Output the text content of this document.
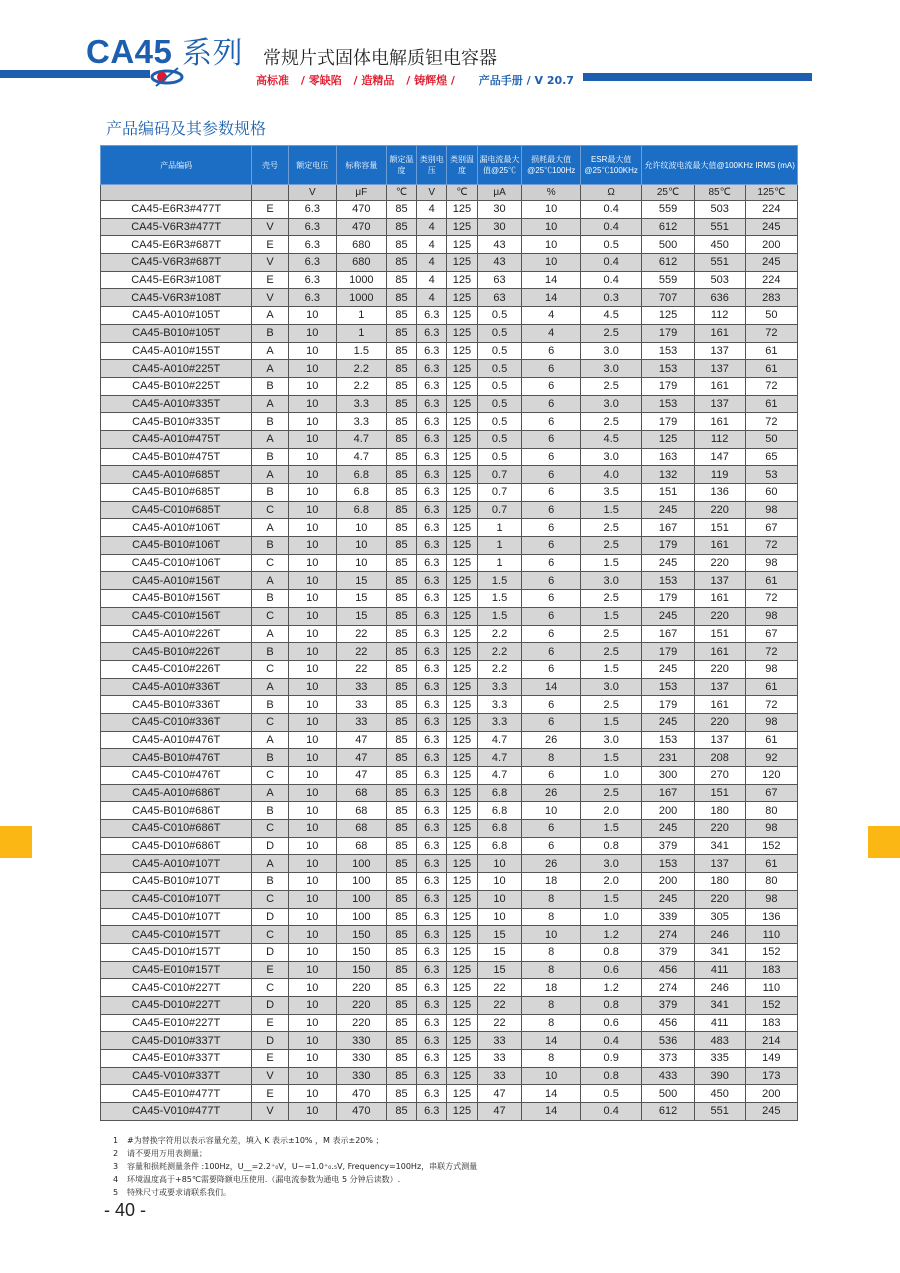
CA45 系列 常规片式固体电解质钽电容器
高标准 / 零缺陷 / 造精品 / 铸辉煌 / 产品手册 / V 20.7
产品编码及其参数规格
产品编码	壳号	额定电压	标称容量	额定温度	类别电压	类别温度	漏电流最大值@25℃	损耗最大值@25℃100Hz	ESR最大值@25℃100KHz	允许纹波电流最大值@100KHz IRMS (mA)		
		V	μF	℃	V	℃	μA	%	Ω	25℃	85℃	125℃
CA45-E6R3#477T	E	6.3	470	85	4	125	30	10	0.4	559	503	224
CA45-V6R3#477T	V	6.3	470	85	4	125	30	10	0.4	612	551	245
CA45-E6R3#687T	E	6.3	680	85	4	125	43	10	0.5	500	450	200
CA45-V6R3#687T	V	6.3	680	85	4	125	43	10	0.4	612	551	245
CA45-E6R3#108T	E	6.3	1000	85	4	125	63	14	0.4	559	503	224
CA45-V6R3#108T	V	6.3	1000	85	4	125	63	14	0.3	707	636	283
CA45-A010#105T	A	10	1	85	6.3	125	0.5	4	4.5	125	112	50
CA45-B010#105T	B	10	1	85	6.3	125	0.5	4	2.5	179	161	72
CA45-A010#155T	A	10	1.5	85	6.3	125	0.5	6	3.0	153	137	61
CA45-A010#225T	A	10	2.2	85	6.3	125	0.5	6	3.0	153	137	61
CA45-B010#225T	B	10	2.2	85	6.3	125	0.5	6	2.5	179	161	72
CA45-A010#335T	A	10	3.3	85	6.3	125	0.5	6	3.0	153	137	61
CA45-B010#335T	B	10	3.3	85	6.3	125	0.5	6	2.5	179	161	72
CA45-A010#475T	A	10	4.7	85	6.3	125	0.5	6	4.5	125	112	50
CA45-B010#475T	B	10	4.7	85	6.3	125	0.5	6	3.0	163	147	65
CA45-A010#685T	A	10	6.8	85	6.3	125	0.7	6	4.0	132	119	53
CA45-B010#685T	B	10	6.8	85	6.3	125	0.7	6	3.5	151	136	60
CA45-C010#685T	C	10	6.8	85	6.3	125	0.7	6	1.5	245	220	98
CA45-A010#106T	A	10	10	85	6.3	125	1	6	2.5	167	151	67
CA45-B010#106T	B	10	10	85	6.3	125	1	6	2.5	179	161	72
CA45-C010#106T	C	10	10	85	6.3	125	1	6	1.5	245	220	98
CA45-A010#156T	A	10	15	85	6.3	125	1.5	6	3.0	153	137	61
CA45-B010#156T	B	10	15	85	6.3	125	1.5	6	2.5	179	161	72
CA45-C010#156T	C	10	15	85	6.3	125	1.5	6	1.5	245	220	98
CA45-A010#226T	A	10	22	85	6.3	125	2.2	6	2.5	167	151	67
CA45-B010#226T	B	10	22	85	6.3	125	2.2	6	2.5	179	161	72
CA45-C010#226T	C	10	22	85	6.3	125	2.2	6	1.5	245	220	98
CA45-A010#336T	A	10	33	85	6.3	125	3.3	14	3.0	153	137	61
CA45-B010#336T	B	10	33	85	6.3	125	3.3	6	2.5	179	161	72
CA45-C010#336T	C	10	33	85	6.3	125	3.3	6	1.5	245	220	98
CA45-A010#476T	A	10	47	85	6.3	125	4.7	26	3.0	153	137	61
CA45-B010#476T	B	10	47	85	6.3	125	4.7	8	1.5	231	208	92
CA45-C010#476T	C	10	47	85	6.3	125	4.7	6	1.0	300	270	120
CA45-A010#686T	A	10	68	85	6.3	125	6.8	26	2.5	167	151	67
CA45-B010#686T	B	10	68	85	6.3	125	6.8	10	2.0	200	180	80
CA45-C010#686T	C	10	68	85	6.3	125	6.8	6	1.5	245	220	98
CA45-D010#686T	D	10	68	85	6.3	125	6.8	6	0.8	379	341	152
CA45-A010#107T	A	10	100	85	6.3	125	10	26	3.0	153	137	61
CA45-B010#107T	B	10	100	85	6.3	125	10	18	2.0	200	180	80
CA45-C010#107T	C	10	100	85	6.3	125	10	8	1.5	245	220	98
CA45-D010#107T	D	10	100	85	6.3	125	10	8	1.0	339	305	136
CA45-C010#157T	C	10	150	85	6.3	125	15	10	1.2	274	246	110
CA45-D010#157T	D	10	150	85	6.3	125	15	8	0.8	379	341	152
CA45-E010#157T	E	10	150	85	6.3	125	15	8	0.6	456	411	183
CA45-C010#227T	C	10	220	85	6.3	125	22	18	1.2	274	246	110
CA45-D010#227T	D	10	220	85	6.3	125	22	8	0.8	379	341	152
CA45-E010#227T	E	10	220	85	6.3	125	22	8	0.6	456	411	183
CA45-D010#337T	D	10	330	85	6.3	125	33	14	0.4	536	483	214
CA45-E010#337T	E	10	330	85	6.3	125	33	8	0.9	373	335	149
CA45-V010#337T	V	10	330	85	6.3	125	33	10	0.8	433	390	173
CA45-E010#477T	E	10	470	85	6.3	125	47	14	0.5	500	450	200
CA45-V010#477T	V	10	470	85	6.3	125	47	14	0.4	612	551	245
1 #为替换字符用以表示容量允差，填入 K 表示±10% ，M 表示±20% ；
2 请不要用万用表测量；
3 容量和损耗测量条件 :100Hz，U__=2.2⁺₀V，U~=1.0⁺₀.₅V, Frequency=100Hz，串联方式测量
4 环境温度高于+85℃需要降额电压使用.（漏电流参数为通电 5 分钟后读数）.
5 特殊尺寸或要求请联系我们。
- 40 -
